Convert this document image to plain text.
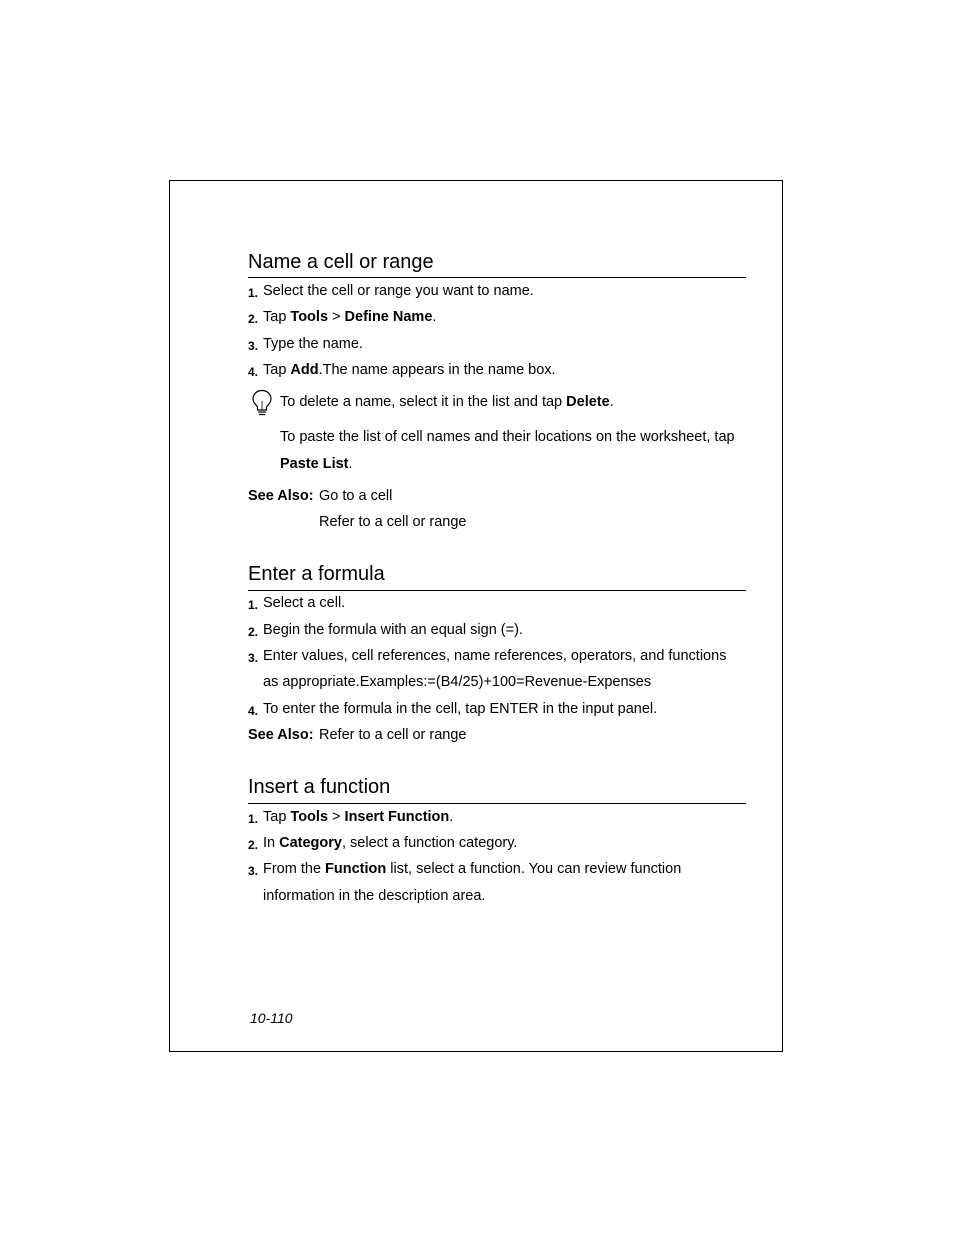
Name a cell or range
1. Select the cell or range you want to name.
2. Tap Tools > Define Name.
3. Type the name.
4. Tap Add.The name appears in the name box.
To delete a name, select it in the list and tap Delete.
To paste the list of cell names and their locations on the worksheet, tap
Paste List.
See Also: Go to a cell
Refer to a cell or range
Enter a formula
1. Select a cell.
2. Begin the formula with an equal sign (=).
3. Enter values, cell references, name references, operators, and functions
as appropriate.Examples:=(B4/25)+100=Revenue-Expenses
4. To enter the formula in the cell, tap ENTER in the input panel.
See Also: Refer to a cell or range
Insert a function
1. Tap Tools > Insert Function.
2. In Category, select a function category.
3. From the Function list, select a function. You can review function
information in the description area.
10-110
